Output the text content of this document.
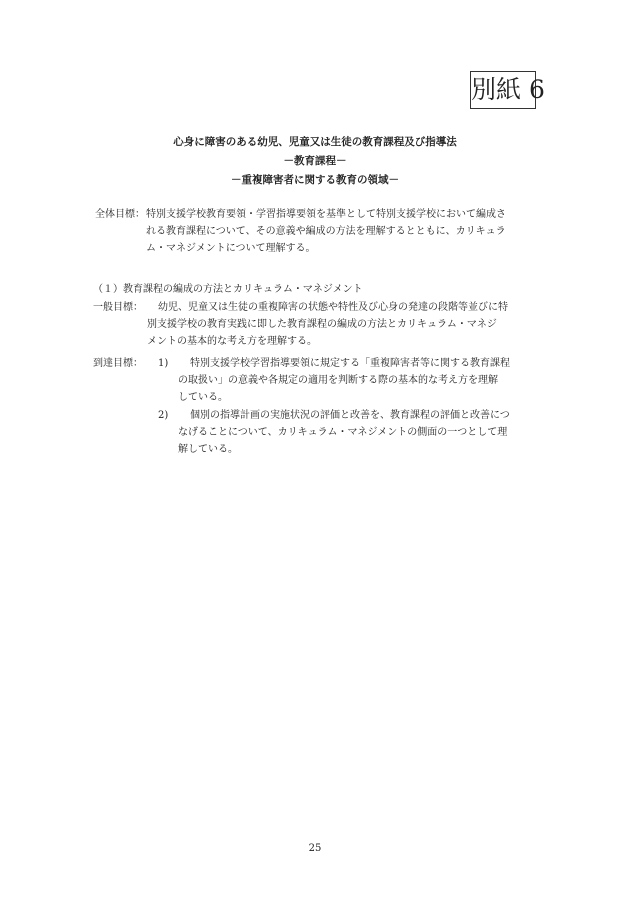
別紙 6
心身に障害のある幼児、児童又は生徒の教育課程及び指導法
－教育課程－
－重複障害者に関する教育の領域－
全体目標： 特別支援学校教育要領・学習指導要領を基準として特別支援学校において編成さ
れる教育課程について、その意義や編成の方法を理解するとともに、カリキュラ
ム・マネジメントについて理解する。
（１）教育課程の編成の方法とカリキュラム・マネジメント
一般目標： 幼児、児童又は生徒の重複障害の状態や特性及び心身の発達の段階等並びに特
別支援学校の教育実践に即した教育課程の編成の方法とカリキュラム・マネジ
メントの基本的な考え方を理解する。
到達目標： 1) 特別支援学校学習指導要領に規定する「重複障害者等に関する教育課程
の取扱い」の意義や各規定の適用を判断する際の基本的な考え方を理解
している。
2) 個別の指導計画の実施状況の評価と改善を、教育課程の評価と改善につ
なげることについて、カリキュラム・マネジメントの側面の一つとして理
解している。
25
